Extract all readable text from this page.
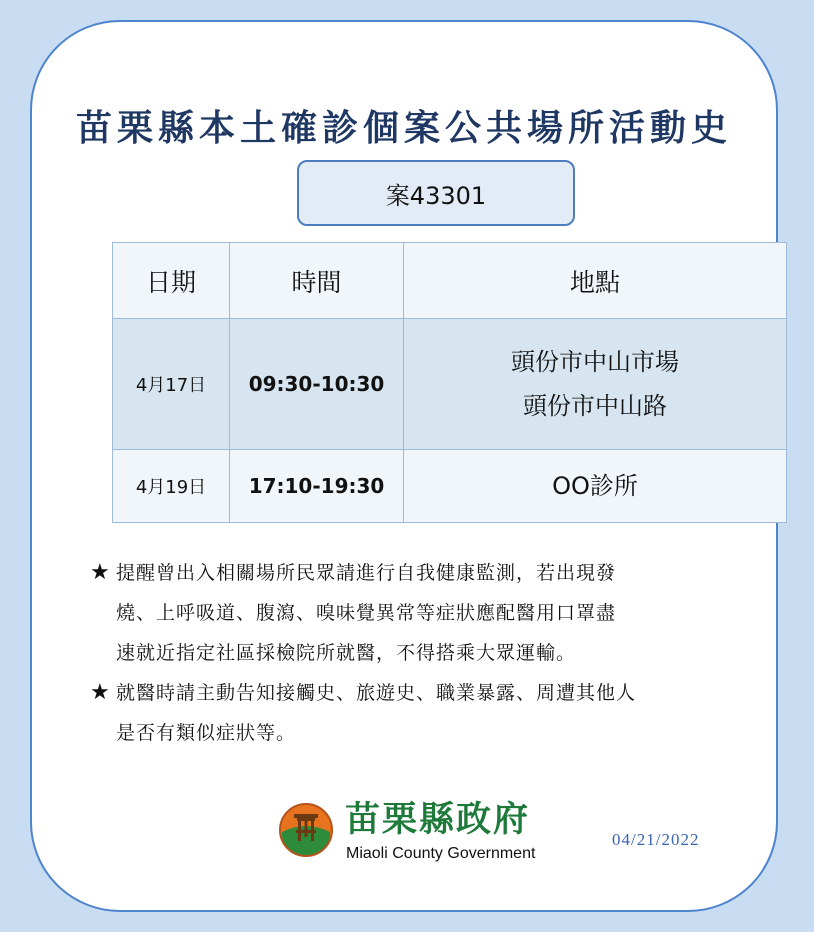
苗栗縣本土確診個案公共場所活動史
案43301
日期	時間	地點
4月17日	09:30-10:30	頭份市中山市場
頭份市中山路

4月19日	17:10-19:30	OO診所
★ 提醒曾出入相關場所民眾請進行自我健康監測，若出現發
燒、上呼吸道、腹瀉、嗅味覺異常等症狀應配醫用口罩盡
速就近指定社區採檢院所就醫，不得搭乘大眾運輸。
★ 就醫時請主動告知接觸史、旅遊史、職業暴露、周遭其他人
是否有類似症狀等。
苗栗縣政府
Miaoli County Government
04/21/2022
